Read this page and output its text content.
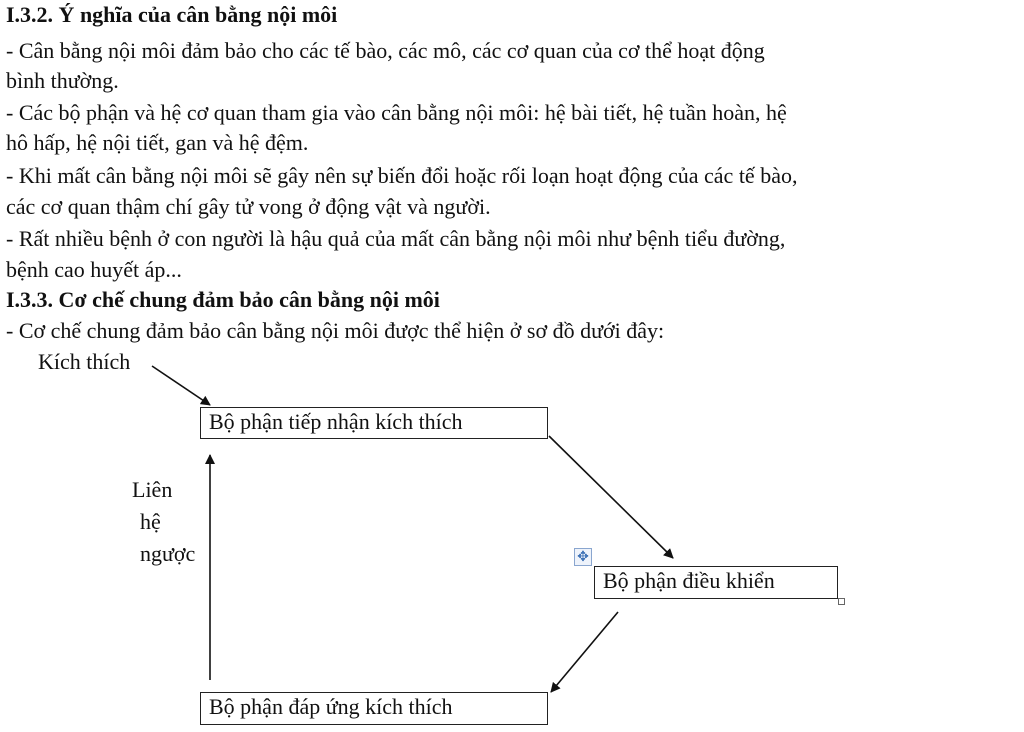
I.3.2. Ý nghĩa của cân bằng nội môi
- Cân bằng nội môi đảm bảo cho các tế bào, các mô, các cơ quan của cơ thể hoạt động
bình thường.
- Các bộ phận và hệ cơ quan tham gia vào cân bằng nội môi: hệ bài tiết, hệ tuần hoàn, hệ
hô hấp, hệ nội tiết, gan và hệ đệm.
- Khi mất cân bằng nội môi sẽ gây nên sự biến đổi hoặc rối loạn hoạt động của các tế bào,
các cơ quan thậm chí gây tử vong ở động vật và người.
- Rất nhiều bệnh ở con người là hậu quả của mất cân bằng nội môi như bệnh tiểu đường,
bệnh cao huyết áp...
I.3.3. Cơ chế chung đảm bảo cân bằng nội môi
- Cơ chế chung đảm bảo cân bằng nội môi được thể hiện ở sơ đồ dưới đây:
Kích thích
Bộ phận tiếp nhận kích thích
Bộ phận điều khiển
Bộ phận đáp ứng kích thích
Liên
hệ
ngược	✥
